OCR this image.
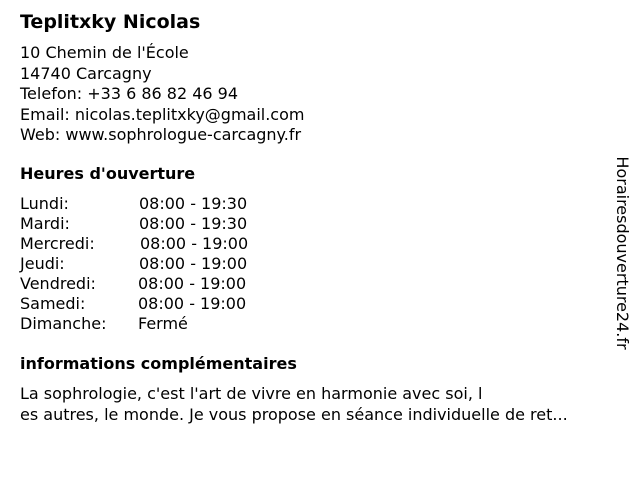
Teplitxky Nicolas
10 Chemin de l'École
14740 Carcagny
Telefon: +33 6 86 82 46 94
Email: nicolas.teplitxky@gmail.com
Web: www.sophrologue-carcagny.fr
Heures d'ouverture
Lundi:	08:00 - 19:30
Mardi:	08:00 - 19:30
Mercredi:	08:00 - 19:00
Jeudi:	08:00 - 19:00
Vendredi:	08:00 - 19:00
Samedi:	08:00 - 19:00
Dimanche: Fermé
informations complémentaires
La sophrologie, c'est l'art de vivre en harmonie avec soi, l
es autres, le monde. Je vous propose en séance individuelle de ret...
Horairesdouverture24.fr
